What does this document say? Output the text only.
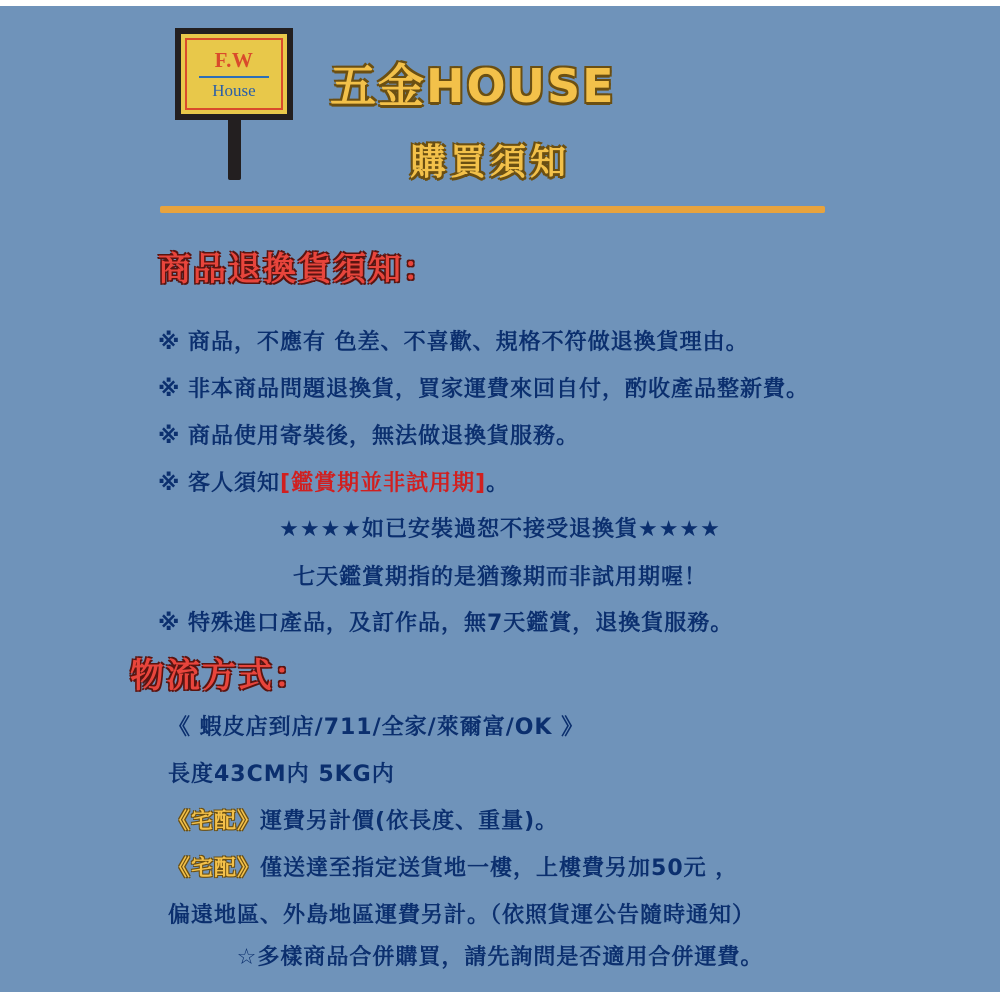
F.W
House 五金HOUSE
購買須知
商品退換貨須知：
※ 商品，不應有 色差、不喜歡、規格不符做退換貨理由。
※ 非本商品問題退換貨，買家運費來回自付，酌收產品整新費。
※ 商品使用寄裝後，無法做退換貨服務。
※ 客人須知[鑑賞期並非試用期]。
★★★★如已安裝過恕不接受退換貨★★★★
七天鑑賞期指的是猶豫期而非試用期喔！
※ 特殊進口產品，及訂作品，無7天鑑賞，退換貨服務。
物流方式：
《 蝦皮店到店/711/全家/萊爾富/OK 》
長度43CM内 5KG内
《宅配》運費另計價(依長度、重量)。
《宅配》僅送達至指定送貨地一樓，上樓費另加50元 ，
偏遠地區、外島地區運費另計。（依照貨運公告隨時通知）
☆多樣商品合併購買，請先詢問是否適用合併運費。
